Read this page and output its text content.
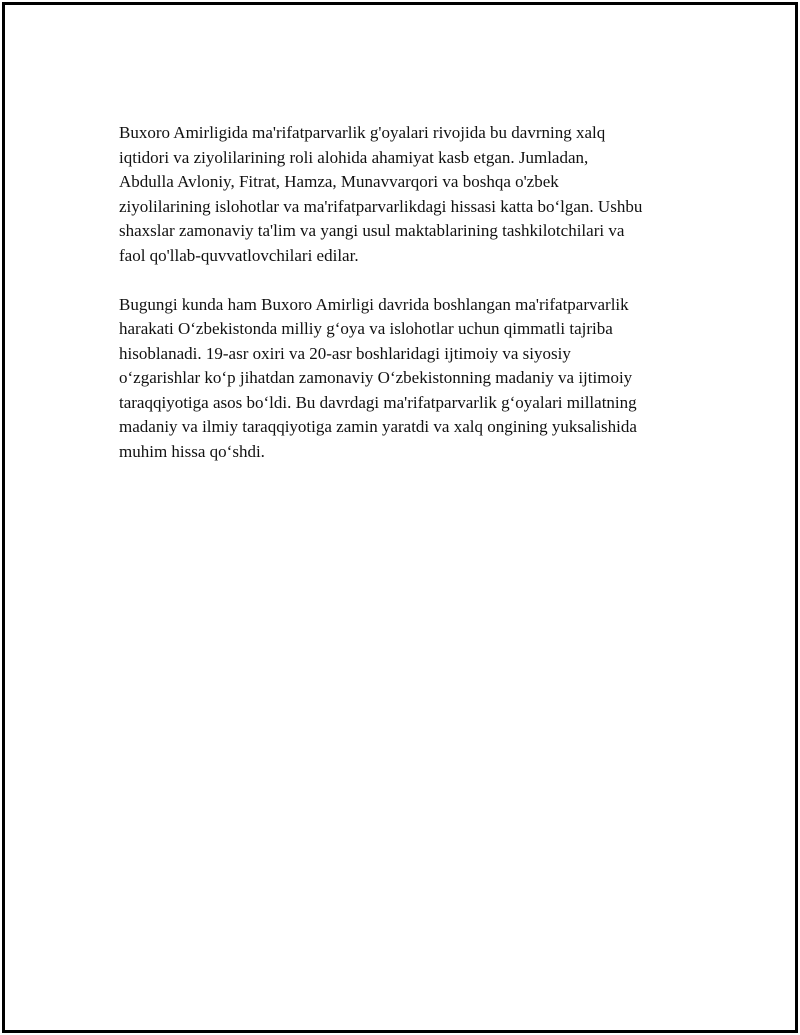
Buxoro Amirligida ma'rifatparvarlik g'oyalari rivojida bu davrning xalq
iqtidori va ziyolilarining roli alohida ahamiyat kasb etgan. Jumladan,
Abdulla Avloniy, Fitrat, Hamza, Munavvarqori va boshqa o'zbek
ziyolilarining islohotlar va ma'rifatparvarlikdagi hissasi katta bo‘lgan. Ushbu
shaxslar zamonaviy ta'lim va yangi usul maktablarining tashkilotchilari va
faol qo'llab-quvvatlovchilari edilar.

Bugungi kunda ham Buxoro Amirligi davrida boshlangan ma'rifatparvarlik
harakati O‘zbekistonda milliy g‘oya va islohotlar uchun qimmatli tajriba
hisoblanadi. 19-asr oxiri va 20-asr boshlaridagi ijtimoiy va siyosiy
o‘zgarishlar ko‘p jihatdan zamonaviy O‘zbekistonning madaniy va ijtimoiy
taraqqiyotiga asos bo‘ldi. Bu davrdagi ma'rifatparvarlik g‘oyalari millatning
madaniy va ilmiy taraqqiyotiga zamin yaratdi va xalq ongining yuksalishida
muhim hissa qo‘shdi.
